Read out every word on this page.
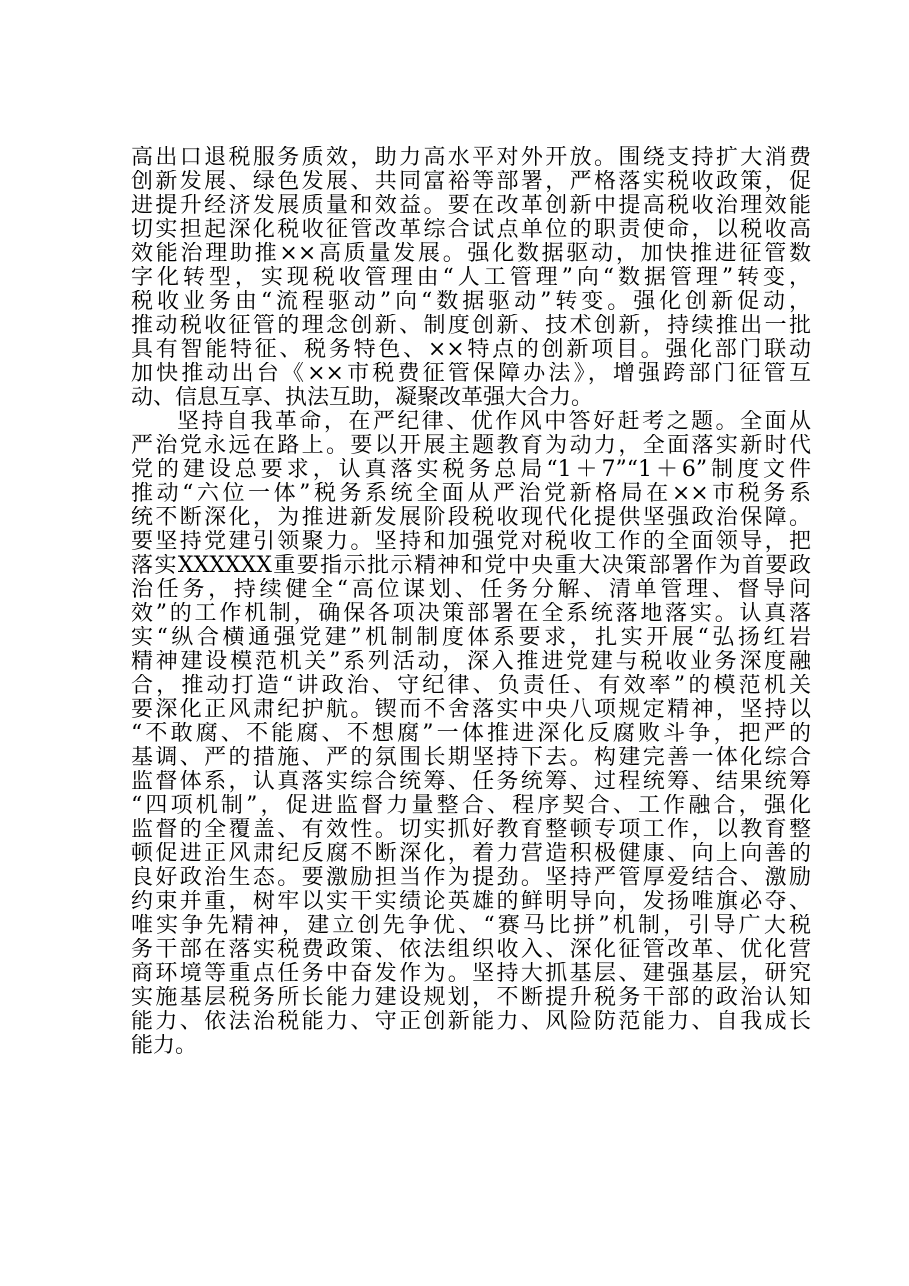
高出口退税服务质效，助力高水平对外开放。围绕支持扩大消费
创新发展、绿色发展、共同富裕等部署，严格落实税收政策，促
进提升经济发展质量和效益。要在改革创新中提高税收治理效能
切实担起深化税收征管改革综合试点单位的职责使命，以税收高
效能治理助推××高质量发展。强化数据驱动，加快推进征管数
字化转型，实现税收管理由“人工管理”向“数据管理”转变，
税收业务由“流程驱动”向“数据驱动”转变。强化创新促动，
推动税收征管的理念创新、制度创新、技术创新，持续推出一批
具有智能特征、税务特色、××特点的创新项目。强化部门联动
加快推动出台《××市税费征管保障办法》，增强跨部门征管互
动、信息互享、执法互助，凝聚改革强大合力。
坚持自我革命，在严纪律、优作风中答好赶考之题。全面从
严治党永远在路上。要以开展主题教育为动力，全面落实新时代
党的建设总要求，认真落实税务总局“1＋7”“1＋6”制度文件
推动“六位一体”税务系统全面从严治党新格局在××市税务系
统不断深化，为推进新发展阶段税收现代化提供坚强政治保障。
要坚持党建引领聚力。坚持和加强党对税收工作的全面领导，把
落实XXXXXX重要指示批示精神和党中央重大决策部署作为首要政
治任务，持续健全“高位谋划、任务分解、清单管理、督导问
效”的工作机制，确保各项决策部署在全系统落地落实。认真落
实“纵合横通强党建”机制制度体系要求，扎实开展“弘扬红岩
精神建设模范机关”系列活动，深入推进党建与税收业务深度融
合，推动打造“讲政治、守纪律、负责任、有效率”的模范机关
要深化正风肃纪护航。锲而不舍落实中央八项规定精神，坚持以
“不敢腐、不能腐、不想腐”一体推进深化反腐败斗争，把严的
基调、严的措施、严的氛围长期坚持下去。构建完善一体化综合
监督体系，认真落实综合统筹、任务统筹、过程统筹、结果统筹
“四项机制”，促进监督力量整合、程序契合、工作融合，强化
监督的全覆盖、有效性。切实抓好教育整顿专项工作，以教育整
顿促进正风肃纪反腐不断深化，着力营造积极健康、向上向善的
良好政治生态。要激励担当作为提劲。坚持严管厚爱结合、激励
约束并重，树牢以实干实绩论英雄的鲜明导向，发扬唯旗必夺、
唯实争先精神，建立创先争优、“赛马比拼”机制，引导广大税
务干部在落实税费政策、依法组织收入、深化征管改革、优化营
商环境等重点任务中奋发作为。坚持大抓基层、建强基层，研究
实施基层税务所长能力建设规划，不断提升税务干部的政治认知
能力、依法治税能力、守正创新能力、风险防范能力、自我成长
能力。
